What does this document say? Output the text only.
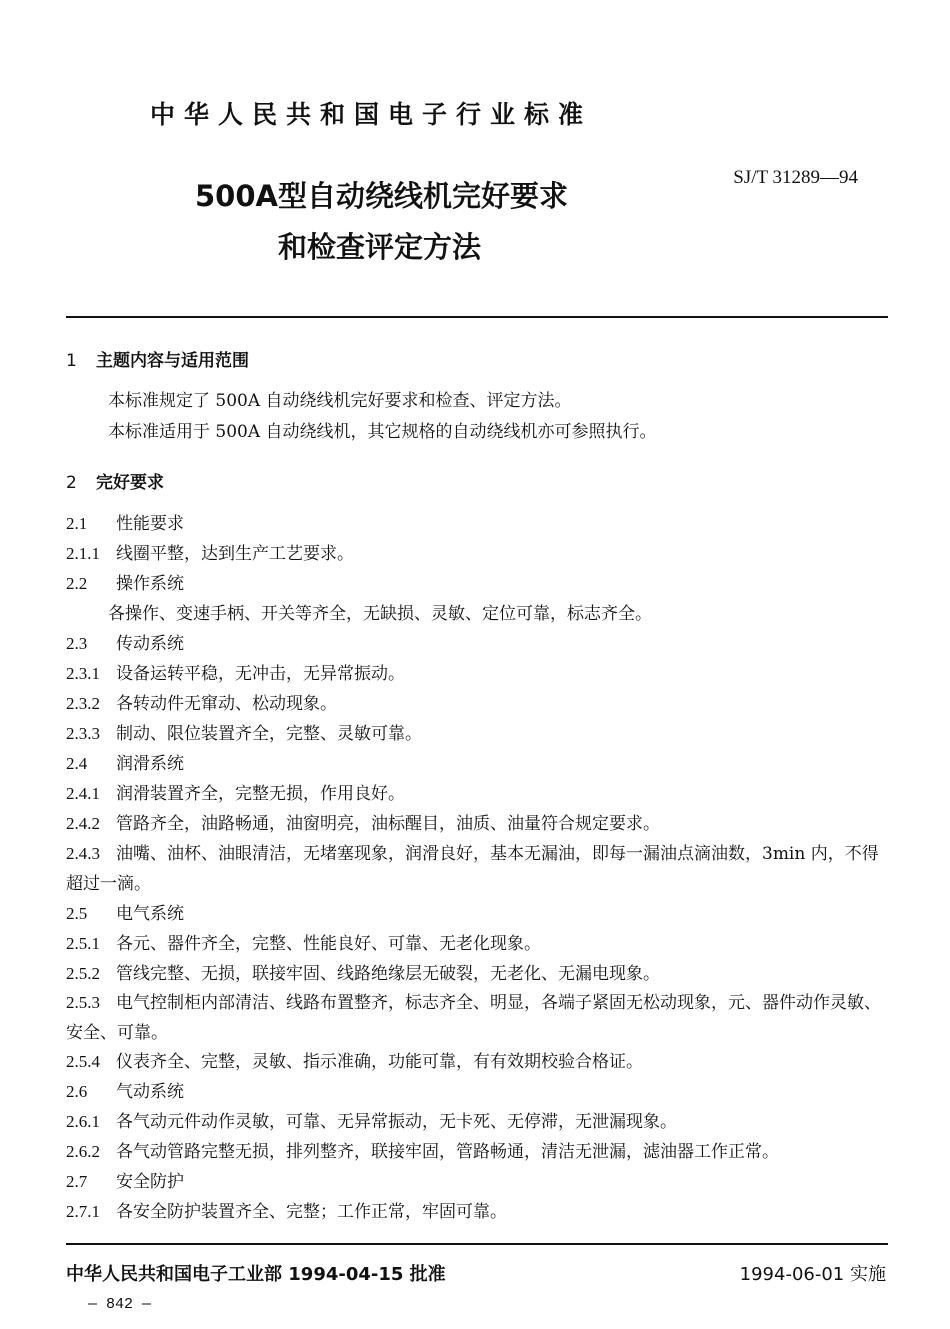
中华人民共和国电子行业标准
SJ/T 31289—94
500A型自动绕线机完好要求
和检查评定方法
1 主题内容与适用范围
本标准规定了 500A 自动绕线机完好要求和检查、评定方法。
本标准适用于 500A 自动绕线机，其它规格的自动绕线机亦可参照执行。
2 完好要求
2.1 性能要求
2.1.1 线圈平整，达到生产工艺要求。
2.2 操作系统
各操作、变速手柄、开关等齐全，无缺损、灵敏、定位可靠，标志齐全。
2.3 传动系统
2.3.1 设备运转平稳，无冲击，无异常振动。
2.3.2 各转动件无窜动、松动现象。
2.3.3 制动、限位装置齐全，完整、灵敏可靠。
2.4 润滑系统
2.4.1 润滑装置齐全，完整无损，作用良好。
2.4.2 管路齐全，油路畅通，油窗明亮，油标醒目，油质、油量符合规定要求。
2.4.3 油嘴、油杯、油眼清洁，无堵塞现象，润滑良好，基本无漏油，即每一漏油点滴油数，3min 内，不得超过一滴。
2.5 电气系统
2.5.1 各元、器件齐全，完整、性能良好、可靠、无老化现象。
2.5.2 管线完整、无损，联接牢固、线路绝缘层无破裂，无老化、无漏电现象。
2.5.3 电气控制柜内部清洁、线路布置整齐，标志齐全、明显，各端子紧固无松动现象，元、器件动作灵敏、安全、可靠。
2.5.4 仪表齐全、完整，灵敏、指示准确，功能可靠，有有效期校验合格证。
2.6 气动系统
2.6.1 各气动元件动作灵敏，可靠、无异常振动，无卡死、无停滞，无泄漏现象。
2.6.2 各气动管路完整无损，排列整齐，联接牢固，管路畅通，清洁无泄漏，滤油器工作正常。
2.7 安全防护
2.7.1 各安全防护装置齐全、完整；工作正常，牢固可靠。
中华人民共和国电子工业部 1994-04-15 批准	1994-06-01 实施
— 842 —
